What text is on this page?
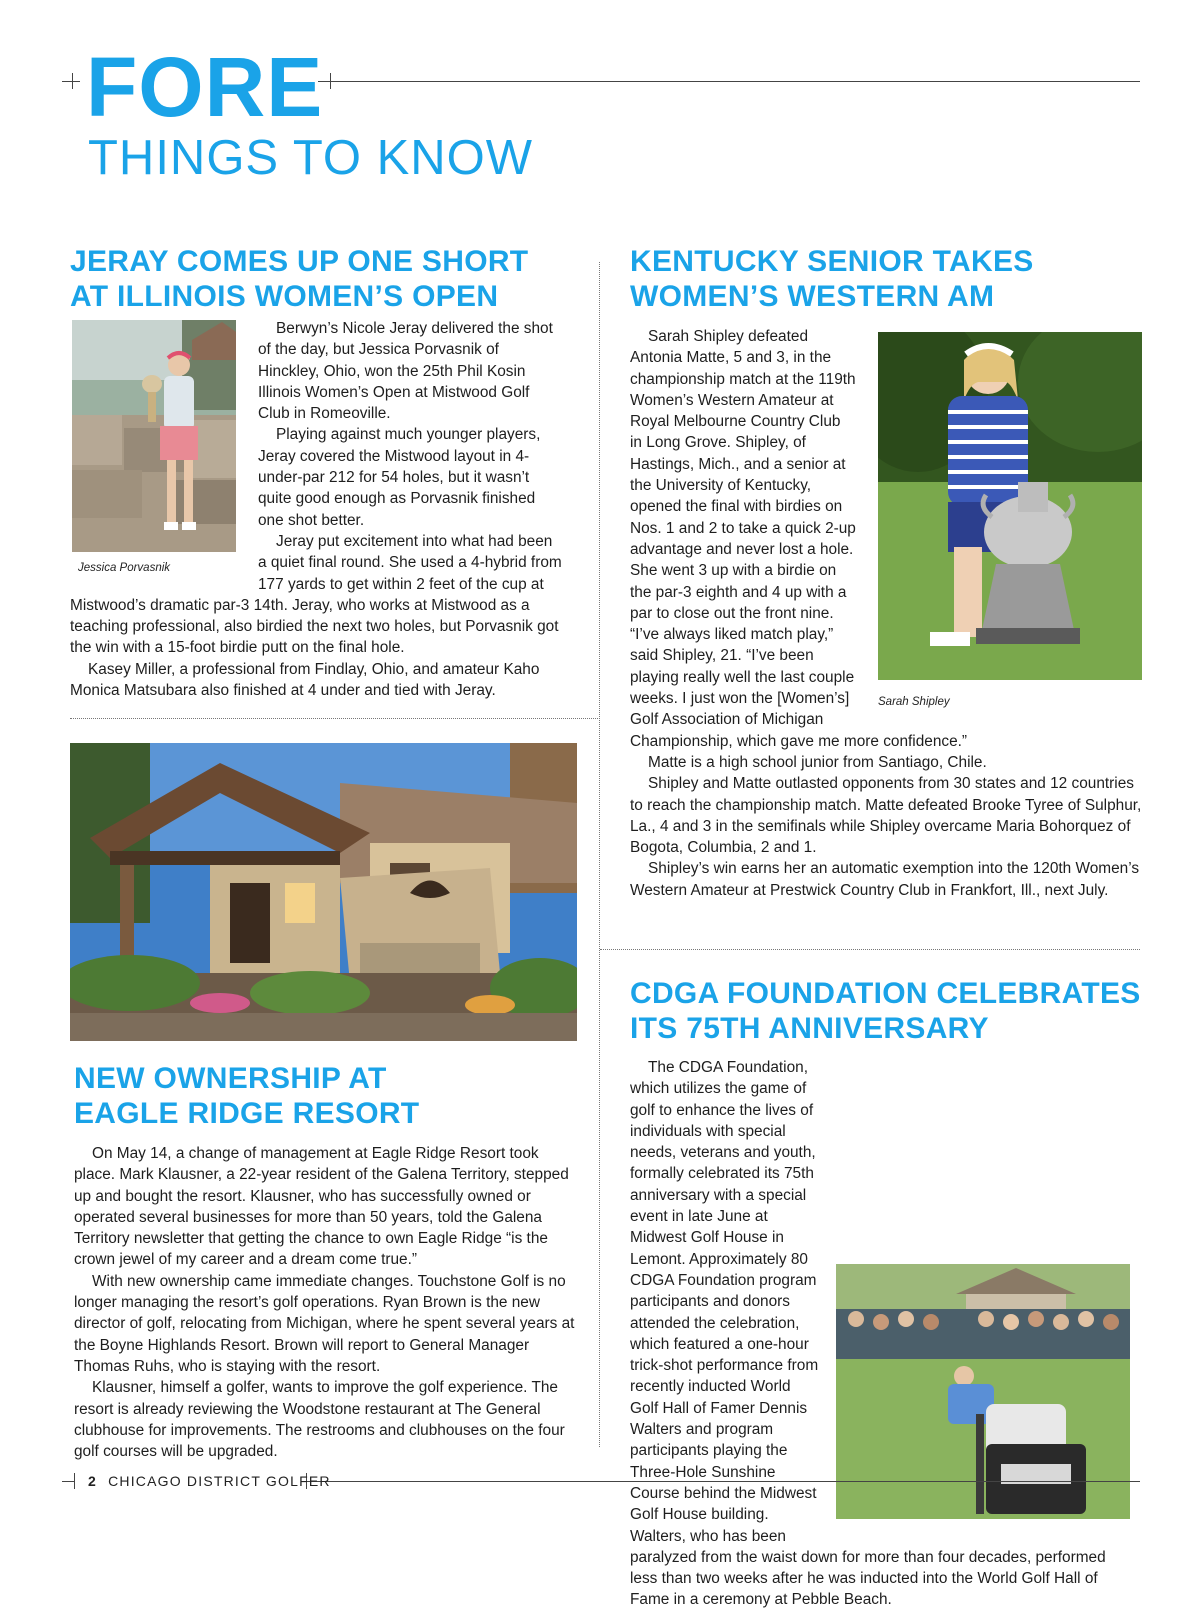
FORE
THINGS TO KNOW
JERAY COMES UP ONE SHORT
AT ILLINOIS WOMEN’S OPEN
Jessica Porvasnik

Berwyn’s Nicole Jeray delivered the shot of the day, but Jessica Porvasnik of Hinckley, Ohio, won the 25th Phil Kosin Illinois Women’s Open at Mistwood Golf Club in Romeoville.

Playing against much younger players, Jeray covered the Mistwood layout in 4-under-par 212 for 54 holes, but it wasn’t quite good enough as Porvasnik finished one shot better.

Jeray put excitement into what had been a quiet final round. She used a 4-hybrid from 177 yards to get within 2 feet of the cup at Mistwood’s dramatic par-3 14th. Jeray, who works at Mistwood as a teaching professional, also birdied the next two holes, but Porvasnik got the win with a 15-foot birdie putt on the final hole.

Kasey Miller, a professional from Findlay, Ohio, and amateur Kaho Monica Matsubara also finished at 4 under and tied with Jeray.

NEW OWNERSHIP AT
EAGLE RIDGE RESORT

On May 14, a change of management at Eagle Ridge Resort took place. Mark Klausner, a 22-year resident of the Galena Territory, stepped up and bought the resort. Klausner, who has successfully owned or operated several businesses for more than 50 years, told the Galena Territory newsletter that getting the chance to own Eagle Ridge “is the crown jewel of my career and a dream come true.”

With new ownership came immediate changes. Touchstone Golf is no longer managing the resort’s golf operations. Ryan Brown is the new director of golf, relocating from Michigan, where he spent several years at the Boyne Highlands Resort. Brown will report to General Manager Thomas Ruhs, who is staying with the resort.

Klausner, himself a golfer, wants to improve the golf experience. The resort is already reviewing the Woodstone restaurant at The General clubhouse for improvements. The restrooms and clubhouses on the four golf courses will be upgraded.

KENTUCKY SENIOR TAKES
WOMEN’S WESTERN AM
Sarah Shipley

Sarah Shipley defeated Antonia Matte, 5 and 3, in the championship match at the 119th Women’s Western Amateur at Royal Melbourne Country Club in Long Grove. Shipley, of Hastings, Mich., and a senior at the University of Kentucky, opened the final with birdies on Nos. 1 and 2 to take a quick 2-up advantage and never lost a hole. She went 3 up with a birdie on the par-3 eighth and 4 up with a par to close out the front nine. “I’ve always liked match play,” said Shipley, 21. “I’ve been playing really well the last couple weeks. I just won the [Women’s] Golf Association of Michigan Championship, which gave me more confidence.”

Matte is a high school junior from Santiago, Chile.

Shipley and Matte outlasted opponents from 30 states and 12 countries to reach the championship match. Matte defeated Brooke Tyree of Sulphur, La., 4 and 3 in the semifinals while Shipley overcame Maria Bohorquez of Bogota, Columbia, 2 and 1.

Shipley’s win earns her an automatic exemption into the 120th Women’s Western Amateur at Prestwick Country Club in Frankfort, Ill., next July.

CDGA FOUNDATION CELEBRATES
ITS 75TH ANNIVERSARY

The CDGA Foundation, which utilizes the game of golf to enhance the lives of individuals with special needs, veterans and youth, formally celebrated its 75th anniversary with a special event in late June at Midwest Golf House in Lemont. Approximately 80 CDGA Foundation program participants and donors attended the celebration, which featured a one-hour trick-shot performance from recently inducted World Golf Hall of Famer Dennis Walters and program participants playing the Three-Hole Sunshine Course behind the Midwest Golf House building. Walters, who has been paralyzed from the waist down for more than four decades, performed less than two weeks after he was inducted into the World Golf Hall of Fame in a ceremony at Pebble Beach.

2 CHICAGO DISTRICT GOLFER
